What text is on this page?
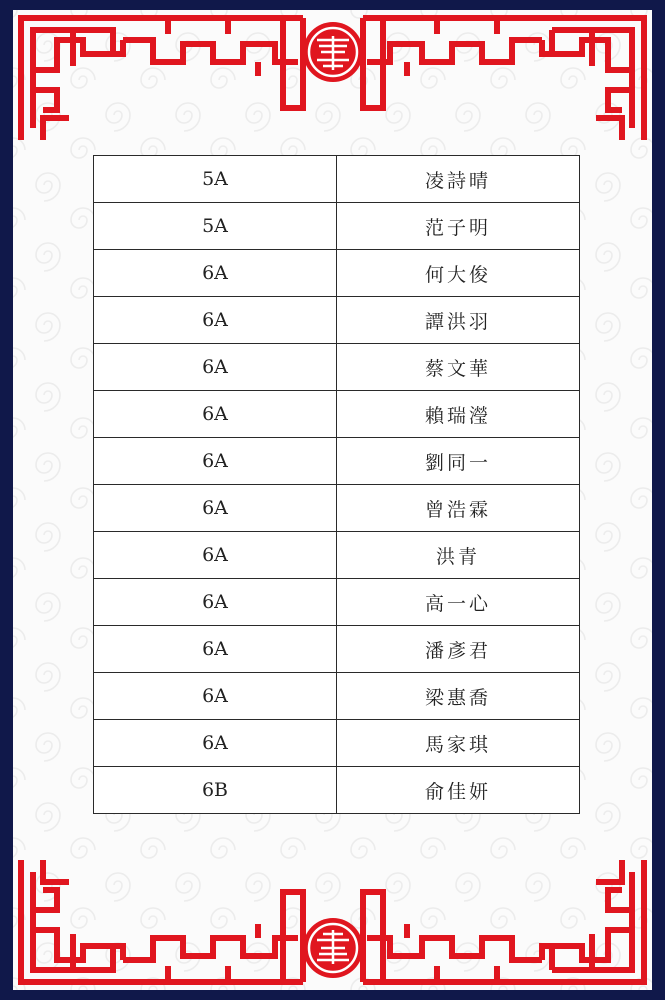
5A	凌詩晴
5A	范子明
6A	何大俊
6A	譚洪羽
6A	蔡文華
6A	賴瑞瀅
6A	劉同一
6A	曾浩霖
6A	洪青
6A	高一心
6A	潘彥君
6A	梁惠喬
6A	馬家琪
6B	俞佳妍
